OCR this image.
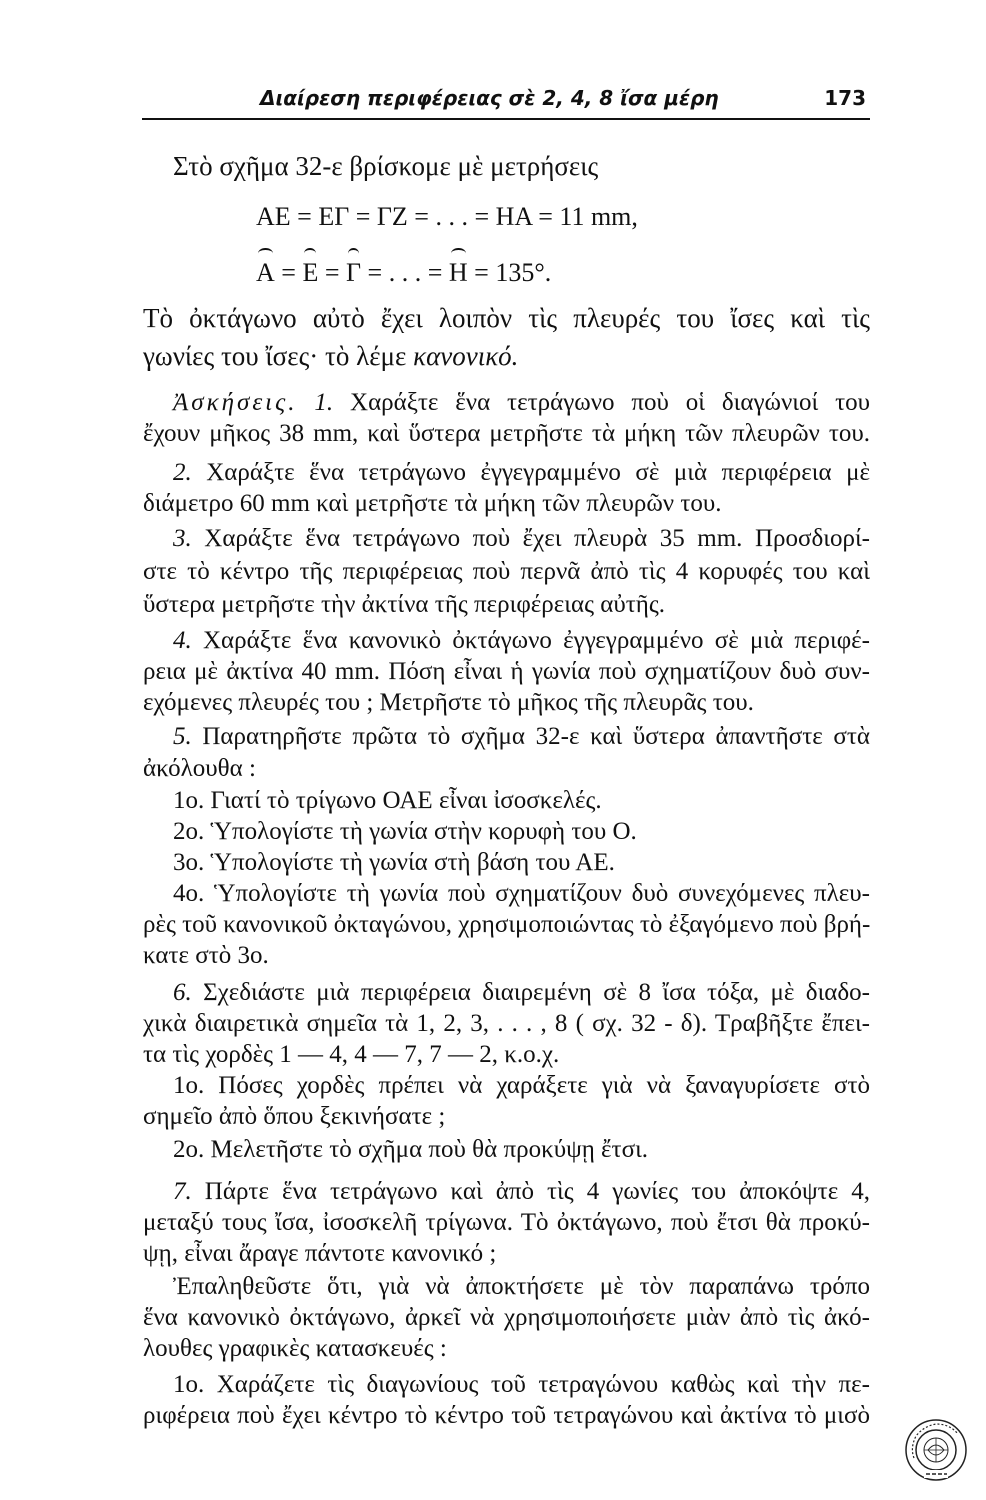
Διαίρεση περιφέρειας σὲ 2, 4, 8 ἴσα μέρη	173
Στὸ σχῆμα 32-ε βρίσκομε μὲ μετρήσεις
ΑΕ = ΕΓ = ΓΖ = . . . = ΗΑ = 11 mm,
Α = Ε = Γ = . . . = Η = 135°.
Τὸ ὀκτάγωνο αὐτὸ ἔχει λοιπὸν τὶς πλευρές του ἴσες καὶ τὶς
γωνίες του ἴσες· τὸ λέμε κανονικό.
Ἀσκήσεις. 1. Χαράξτε ἕνα τετράγωνο ποὺ οἱ διαγώνιοί του
ἔχουν μῆκος 38 mm, καὶ ὕστερα μετρῆστε τὰ μήκη τῶν πλευρῶν του.
2. Χαράξτε ἕνα τετράγωνο ἐγγεγραμμένο σὲ μιὰ περιφέρεια μὲ
διάμετρο 60 mm καὶ μετρῆστε τὰ μήκη τῶν πλευρῶν του.
3. Χαράξτε ἕνα τετράγωνο ποὺ ἔχει πλευρὰ 35 mm. Προσδιορί-
στε τὸ κέντρο τῆς περιφέρειας ποὺ περνᾶ ἀπὸ τὶς 4 κορυφές του καὶ
ὕστερα μετρῆστε τὴν ἀκτίνα τῆς περιφέρειας αὐτῆς.
4. Χαράξτε ἕνα κανονικὸ ὀκτάγωνο ἐγγεγραμμένο σὲ μιὰ περιφέ-
ρεια μὲ ἀκτίνα 40 mm. Πόση εἶναι ἡ γωνία ποὺ σχηματίζουν δυὸ συν-
εχόμενες πλευρές του ; Μετρῆστε τὸ μῆκος τῆς πλευρᾶς του.
5. Παρατηρῆστε πρῶτα τὸ σχῆμα 32-ε καὶ ὕστερα ἀπαντῆστε στὰ
ἀκόλουθα :
1ο. Γιατί τὸ τρίγωνο ΟΑΕ εἶναι ἰσοσκελές.
2ο. Ὑπολογίστε τὴ γωνία στὴν κορυφὴ του Ο.
3ο. Ὑπολογίστε τὴ γωνία στὴ βάση του ΑΕ.
4ο. Ὑπολογίστε τὴ γωνία ποὺ σχηματίζουν δυὸ συνεχόμενες πλευ-
ρὲς τοῦ κανονικοῦ ὀκταγώνου, χρησιμοποιώντας τὸ ἐξαγόμενο ποὺ βρή-
κατε στὸ 3ο.
6. Σχεδιάστε μιὰ περιφέρεια διαιρεμένη σὲ 8 ἴσα τόξα, μὲ διαδο-
χικὰ διαιρετικὰ σημεῖα τὰ 1, 2, 3, . . . , 8 ( σχ. 32 - δ). Τραβῆξτε ἔπει-
τα τὶς χορδὲς 1 — 4, 4 — 7, 7 — 2, κ.ο.χ.
1ο. Πόσες χορδὲς πρέπει νὰ χαράξετε γιὰ νὰ ξαναγυρίσετε στὸ
σημεῖο ἀπὸ ὅπου ξεκινήσατε ;
2ο. Μελετῆστε τὸ σχῆμα ποὺ θὰ προκύψῃ ἔτσι.
7. Πάρτε ἕνα τετράγωνο καὶ ἀπὸ τὶς 4 γωνίες του ἀποκόψτε 4,
μεταξύ τους ἴσα, ἰσοσκελῆ τρίγωνα. Τὸ ὀκτάγωνο, ποὺ ἔτσι θὰ προκύ-
ψῃ, εἶναι ἄραγε πάντοτε κανονικό ;
Ἐπαληθεῦστε ὅτι, γιὰ νὰ ἀποκτήσετε μὲ τὸν παραπάνω τρόπο
ἕνα κανονικὸ ὀκτάγωνο, ἀρκεῖ νὰ χρησιμοποιήσετε μιὰν ἀπὸ τὶς ἀκό-
λουθες γραφικὲς κατασκευές :
1ο. Χαράζετε τὶς διαγωνίους τοῦ τετραγώνου καθὼς καὶ τὴν πε-
ριφέρεια ποὺ ἔχει κέντρο τὸ κέντρο τοῦ τετραγώνου καὶ ἀκτίνα τὸ μισὸ
